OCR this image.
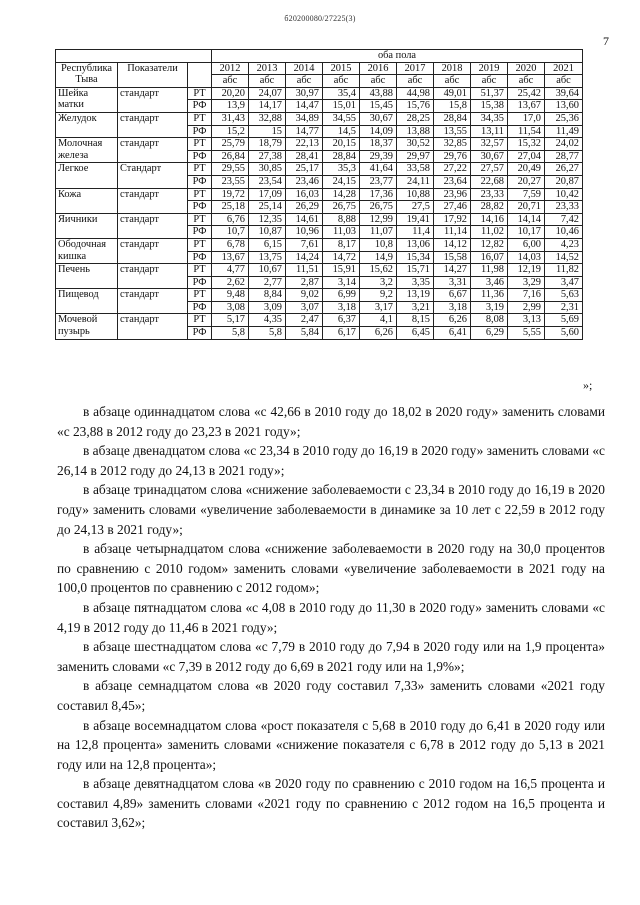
б20200080/27225(3)
7
			оба пола									
Республика Тыва	Показатели		2012	2013	2014	2015	2016	2017	2018	2019	2020	2021
			абс	абс	абс	абс	абс	абс	абс	абс	абс	абс
Шейка матки	стандарт	РТ	20,20	24,07	30,97	35,4	43,88	44,98	49,01	51,37	25,42	39,64
		РФ	13,9	14,17	14,47	15,01	15,45	15,76	15,8	15,38	13,67	13,60
Желудок	стандарт	РТ	31,43	32,88	34,89	34,55	30,67	28,25	28,84	34,35	17,0	25,36
		РФ	15,2	15	14,77	14,5	14,09	13,88	13,55	13,11	11,54	11,49
Молочная железа	стандарт	РТ	25,79	18,79	22,13	20,15	18,37	30,52	32,85	32,57	15,32	24,02
		РФ	26,84	27,38	28,41	28,84	29,39	29,97	29,76	30,67	27,04	28,77
Легкое	Стандарт	РТ	29,55	30,85	25,17	35,3	41,64	33,58	27,22	27,57	20,49	26,27
		РФ	23,55	23,54	23,46	24,15	23,77	24,11	23,64	22,68	20,27	20,87
Кожа	стандарт	РТ	19,72	17,09	16,03	14,28	17,36	10,88	23,96	23,33	7,59	10,42
		РФ	25,18	25,14	26,29	26,75	26,75	27,5	27,46	28,82	20,71	23,33
Яичники	стандарт	РТ	6,76	12,35	14,61	8,88	12,99	19,41	17,92	14,16	14,14	7,42
		РФ	10,7	10,87	10,96	11,03	11,07	11,4	11,14	11,02	10,17	10,46
Ободочная кишка	стандарт	РТ	6,78	6,15	7,61	8,17	10,8	13,06	14,12	12,82	6,00	4,23
		РФ	13,67	13,75	14,24	14,72	14,9	15,34	15,58	16,07	14,03	14,52
Печень	стандарт	РТ	4,77	10,67	11,51	15,91	15,62	15,71	14,27	11,98	12,19	11,82
		РФ	2,62	2,77	2,87	3,14	3,2	3,35	3,31	3,46	3,29	3,47
Пищевод	стандарт	РТ	9,48	8,84	9,02	6,99	9,2	13,19	6,67	11,36	7,16	5,63
		РФ	3,08	3,09	3,07	3,18	3,17	3,21	3,18	3,19	2,99	2,31
Мочевой пузырь	стандарт	РТ	5,17	4,35	2,47	6,37	4,1	8,15	6,26	8,08	3,13	5,69
		РФ	5,8	5,8	5,84	6,17	6,26	6,45	6,41	6,29	5,55	5,60
»;

в абзаце одиннадцатом слова «с 42,66 в 2010 году до 18,02 в 2020 году» заменить словами «с 23,88 в 2012 году до 23,23 в 2021 году»;

в абзаце двенадцатом слова «с 23,34 в 2010 году до 16,19 в 2020 году» заменить словами «с 26,14 в 2012 году до 24,13 в 2021 году»;

в абзаце тринадцатом слова «снижение заболеваемости с 23,34 в 2010 году до 16,19 в 2020 году» заменить словами «увеличение заболеваемости в динамике за 10 лет с 22,59 в 2012 году до 24,13 в 2021 году»;

в абзаце четырнадцатом слова «снижение заболеваемости в 2020 году на 30,0 процентов по сравнению с 2010 годом» заменить словами «увеличение заболеваемости в 2021 году на 100,0 процентов по сравнению с 2012 годом»;

в абзаце пятнадцатом слова «с 4,08 в 2010 году до 11,30 в 2020 году» заменить словами «с 4,19 в 2012 году до 11,46 в 2021 году»;

в абзаце шестнадцатом слова «с 7,79 в 2010 году до 7,94 в 2020 году или на 1,9 процента» заменить словами «с 7,39 в 2012 году до 6,69 в 2021 году или на 1,9%»;

в абзаце семнадцатом слова «в 2020 году составил 7,33» заменить словами «2021 году составил 8,45»;

в абзаце восемнадцатом слова «рост показателя с 5,68 в 2010 году до 6,41 в 2020 году или на 12,8 процента» заменить словами «снижение показателя с 6,78 в 2012 году до 5,13 в 2021 году или на 12,8 процента»;

в абзаце девятнадцатом слова «в 2020 году по сравнению с 2010 годом на 16,5 процента и составил 4,89» заменить словами «2021 году по сравнению с 2012 годом на 16,5 процента и составил 3,62»;
